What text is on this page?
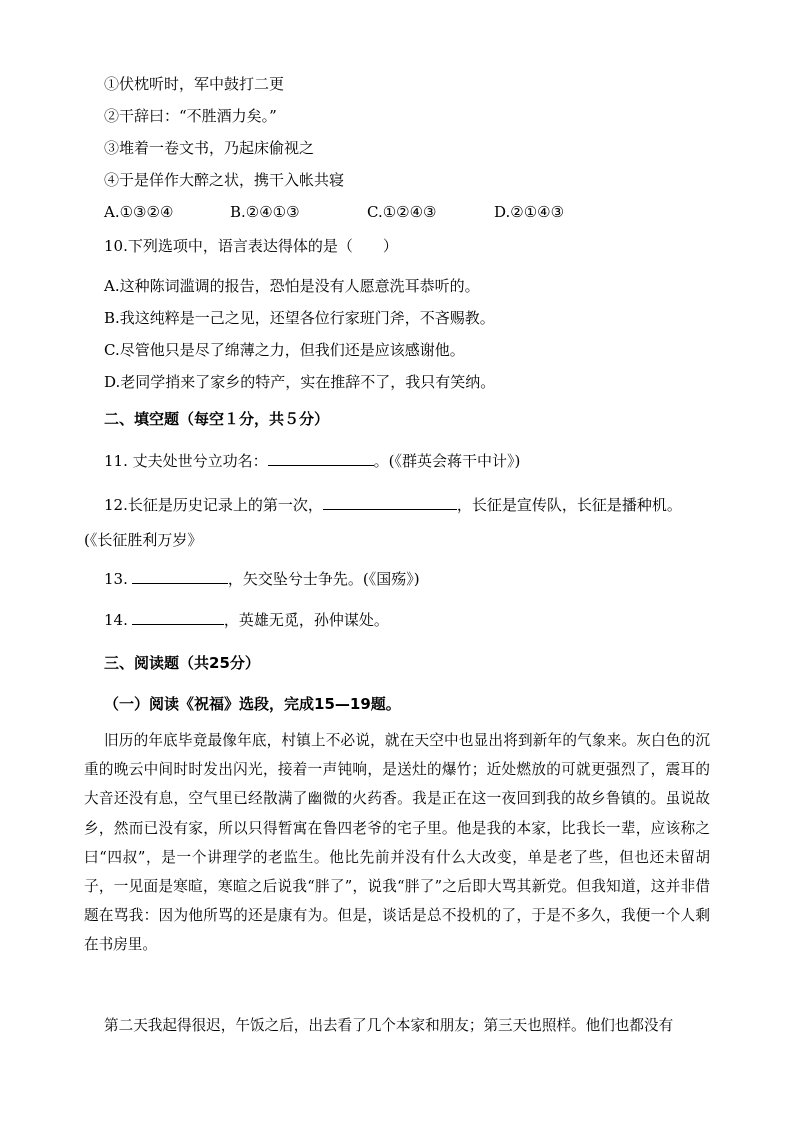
①伏枕听时，军中鼓打二更
②干辞曰：“不胜酒力矣。”
③堆着一卷文书，乃起床偷视之
④于是佯作大醉之状，携干入帐共寝
A.①③②④	B.②④①③	C.①②④③	D.②①④③
10.下列选项中，语言表达得体的是（　　）
A.这种陈词滥调的报告，恐怕是没有人愿意洗耳恭听的。
B.我这纯粹是一己之见，还望各位行家班门斧，不吝赐教。
C.尽管他只是尽了绵薄之力，但我们还是应该感谢他。
D.老同学捎来了家乡的特产，实在推辞不了，我只有笑纳。
二、填空题（每空１分，共５分）
11. 丈夫处世兮立功名：	。(《群英会蒋干中计》)
12.长征是历史记录上的第一次，	，长征是宣传队，长征是播种机。
(《长征胜利万岁》
13.	，矢交坠兮士争先。(《国殇》)
14.	，英雄无觅，孙仲谋处。
三、阅读题（共25分）
（一）阅读《祝福》选段，完成15—19题。
旧历的年底毕竟最像年底，村镇上不必说，就在天空中也显出将到新年的气象来。灰白色的沉重的晚云中间时时发出闪光，接着一声钝响，是送灶的爆竹；近处燃放的可就更强烈了，震耳的大音还没有息，空气里已经散满了幽微的火药香。我是正在这一夜回到我的故乡鲁镇的。虽说故乡，然而已没有家，所以只得暂寓在鲁四老爷的宅子里。他是我的本家，比我长一辈，应该称之曰“四叔”，是一个讲理学的老监生。他比先前并没有什么大改变，单是老了些，但也还未留胡子，一见面是寒暄，寒暄之后说我“胖了”，说我“胖了”之后即大骂其新党。但我知道，这并非借题在骂我：因为他所骂的还是康有为。但是，谈话是总不投机的了，于是不多久，我便一个人剩在书房里。
第二天我起得很迟，午饭之后，出去看了几个本家和朋友；第三天也照样。他们也都没有
